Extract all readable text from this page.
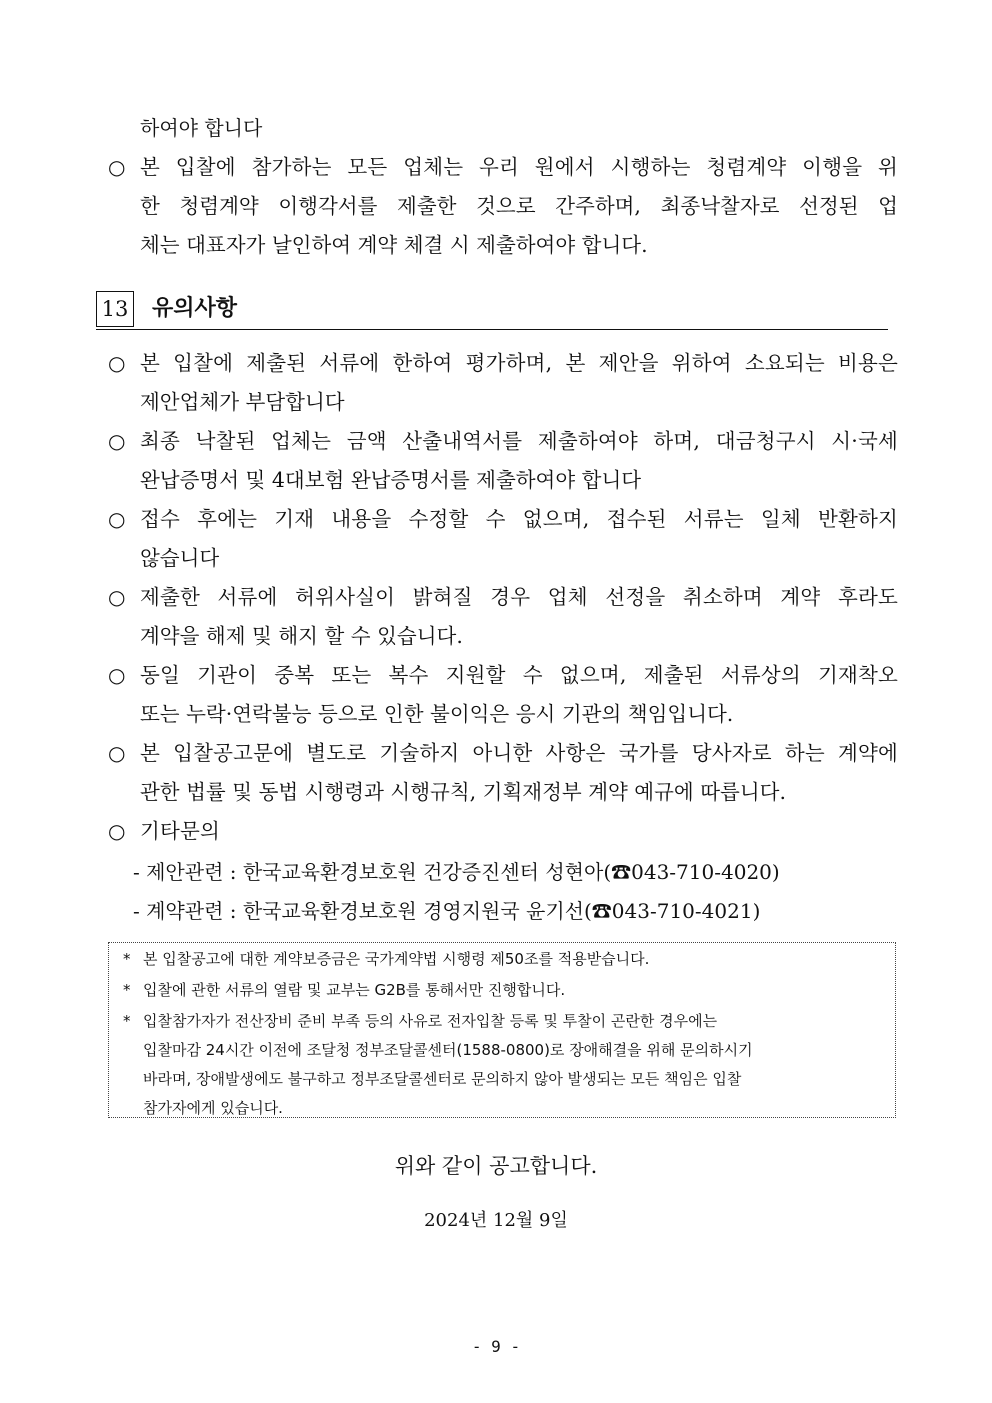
하여야 합니다
○ 본 입찰에 참가하는 모든 업체는 우리 원에서 시행하는 청렴계약 이행을 위
한 청렴계약 이행각서를 제출한 것으로 간주하며, 최종낙찰자로 선정된 업
체는 대표자가 날인하여 계약 체결 시 제출하여야 합니다.
13 유의사항
○ 본 입찰에 제출된 서류에 한하여 평가하며, 본 제안을 위하여 소요되는 비용은
제안업체가 부담합니다
○ 최종 낙찰된 업체는 금액 산출내역서를 제출하여야 하며, 대금청구시 시·국세
완납증명서 및 4대보험 완납증명서를 제출하여야 합니다
○ 접수 후에는 기재 내용을 수정할 수 없으며, 접수된 서류는 일체 반환하지
않습니다
○ 제출한 서류에 허위사실이 밝혀질 경우 업체 선정을 취소하며 계약 후라도
계약을 해제 및 해지 할 수 있습니다.
○ 동일 기관이 중복 또는 복수 지원할 수 없으며, 제출된 서류상의 기재착오
또는 누락·연락불능 등으로 인한 불이익은 응시 기관의 책임입니다.
○ 본 입찰공고문에 별도로 기술하지 아니한 사항은 국가를 당사자로 하는 계약에
관한 법률 및 동법 시행령과 시행규칙, 기획재정부 계약 예규에 따릅니다.
○ 기타문의
- 제안관련 : 한국교육환경보호원 건강증진센터 성현아(☎043-710-4020)
- 계약관련 : 한국교육환경보호원 경영지원국 윤기선(☎043-710-4021)
* 본 입찰공고에 대한 계약보증금은 국가계약법 시행령 제50조를 적용받습니다.
* 입찰에 관한 서류의 열람 및 교부는 G2B를 통해서만 진행합니다.
* 입찰참가자가 전산장비 준비 부족 등의 사유로 전자입찰 등록 및 투찰이 곤란한 경우에는
입찰마감 24시간 이전에 조달청 정부조달콜센터(1588-0800)로 장애해결을 위해 문의하시기
바라며, 장애발생에도 불구하고 정부조달콜센터로 문의하지 않아 발생되는 모든 책임은 입찰
참가자에게 있습니다.
위와 같이 공고합니다.
2024년 12월 9일
- 9 -
